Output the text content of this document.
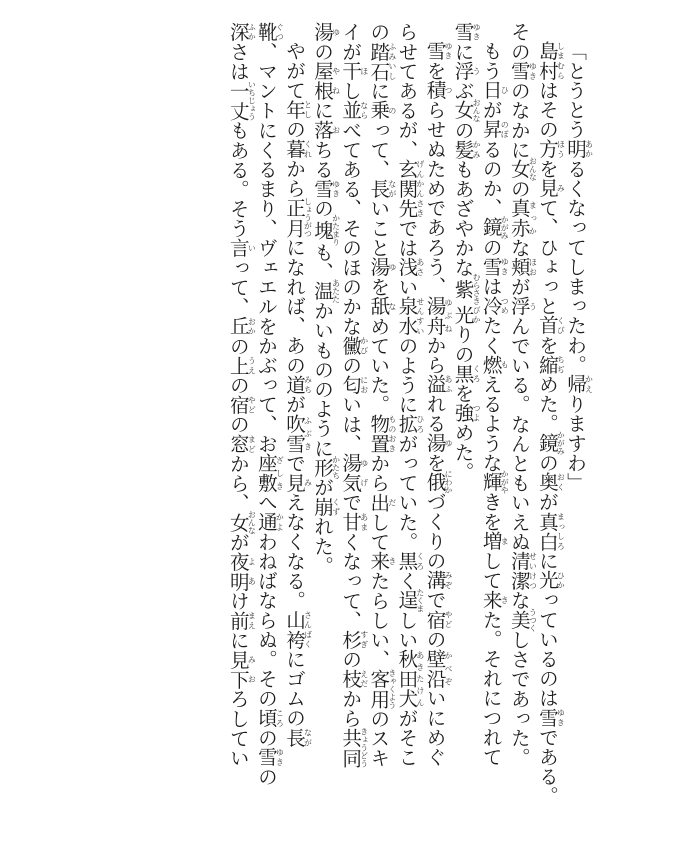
「とうとう明あかるくなってしまったわ。帰かえりますわ」
島村しまむらはその方ほうを見みて、ひょっと首くびを縮ちぢめた。鏡かがみの奥おくが真白まっしろに光ひかっているのは雪ゆきである。
その雪ゆきのなかに女おんなの真赤まっかな頬ほおが浮うんでいる。なんともいえぬ清潔せいけつな美うつくしさであった。
もう日ひが昇のぼるのか、鏡かがみの雪ゆきは冷つめたく燃もえるような輝かがやきを増まして来きた。それにつれて
雪ゆきに浮うぶ女おんなの髪かみもあざやかな紫むらさき光びかりの黒くろを強つよめた。
雪ゆきを積つらせぬためであろう、湯舟ゆぶねから溢あふれる湯ゆを俄にわかづくりの溝みぞで宿やどの壁沿かべぞいにめぐ
らせてあるが、玄関先げんかんさきでは浅あさい泉水せんすいのように拡ひろがっていた。黒くろく逞たくましい秋田犬あきたけんがそこ
の踏石ふみいしに乗のって、長ながいこと湯ゆを舐なめていた。物置ものおきから出だして来きたらしい、客用きゃくようのスキ
イが干ほし並ならべてある、そのほのかな黴かびの匂においは、湯気ゆげで甘あまくなって、杉すぎの枝えだから共同きょうどう
湯ゆの屋根やねに落おちる雪ゆきの塊かたまりも、温あたたかいもののように形かたちが崩くずれた。
やがて年としの暮くれから正月しょうがつになれば、あの道みちが吹雪ふぶきで見みえなくなる。山袴さんばくにゴムの長なが
靴ぐつ、マントにくるまり、ヴェエルをかぶって、お座敷ざしきへ通かよわねばならぬ。その頃ころの雪ゆきの
深ふかさは一丈いちじょうもある。そう言いって、丘おかの上うえの宿やどの窓まどから、女おんなが夜明よあけ前まえに見下みおろしてい
